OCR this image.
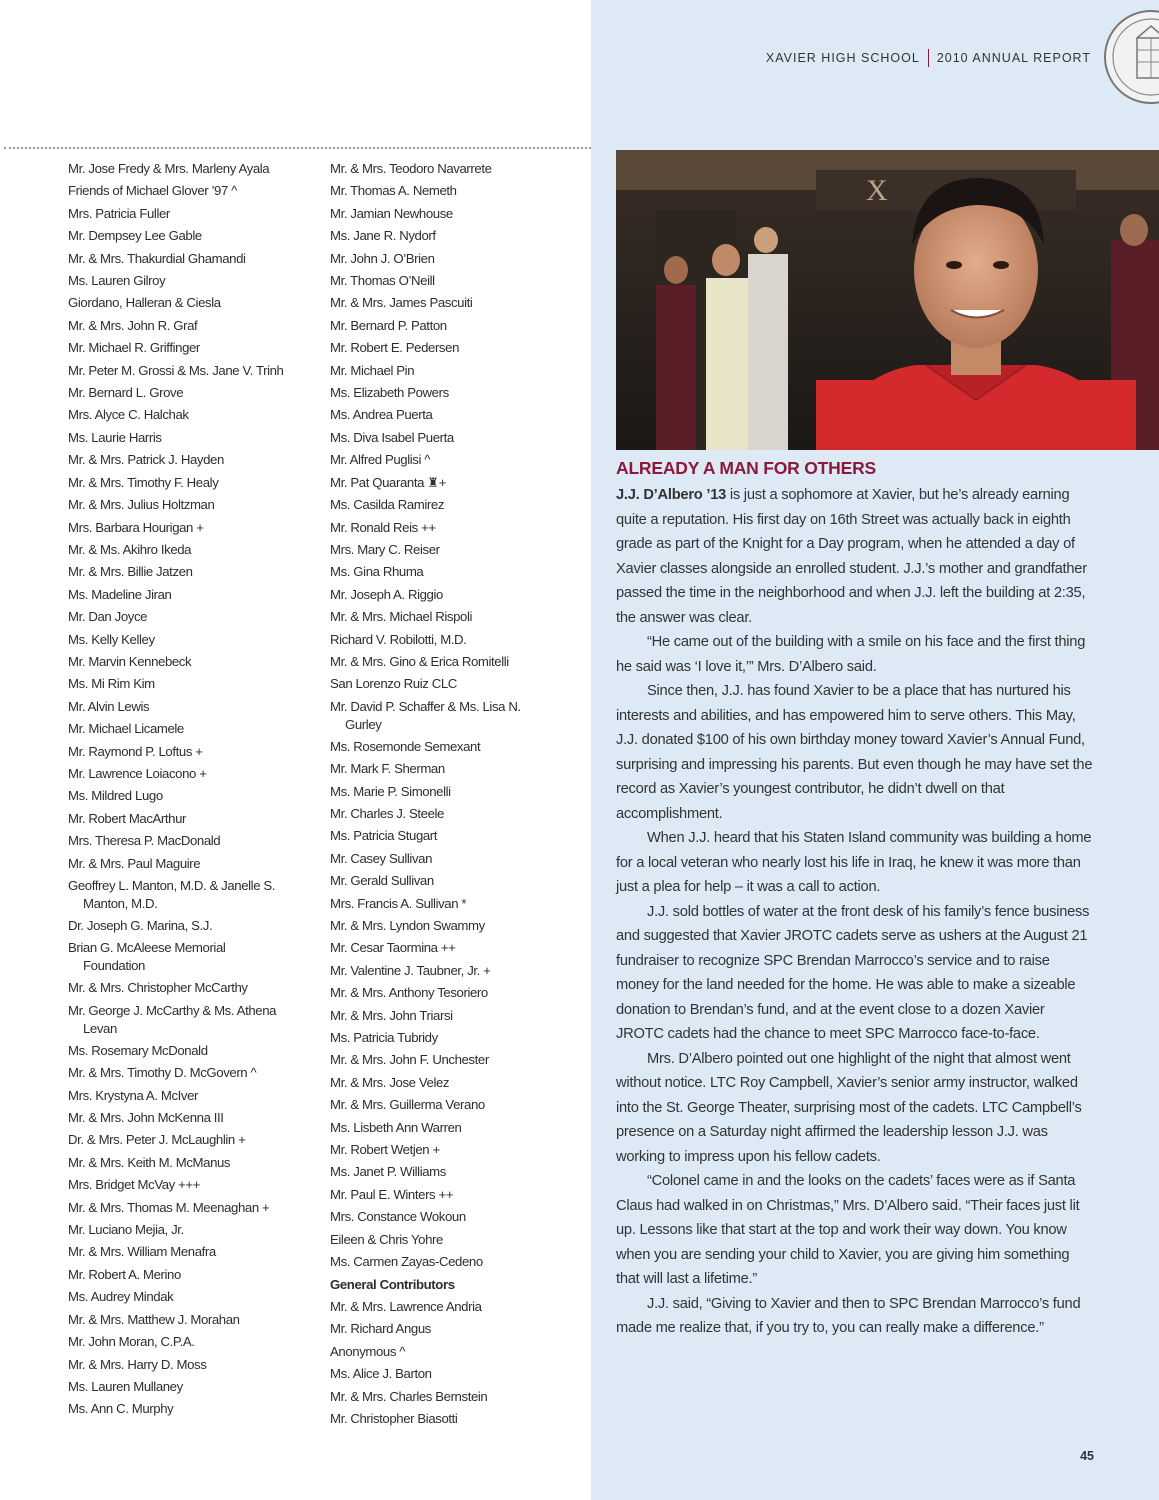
XAVIER HIGH SCHOOL 2010 ANNUAL REPORT
Mr. Jose Fredy & Mrs. Marleny Ayala
Friends of Michael Glover ’97 ^
Mrs. Patricia Fuller
Mr. Dempsey Lee Gable
Mr. & Mrs. Thakurdial Ghamandi
Ms. Lauren Gilroy
Giordano, Halleran & Ciesla
Mr. & Mrs. John R. Graf
Mr. Michael R. Griffinger
Mr. Peter M. Grossi & Ms. Jane V. Trinh
Mr. Bernard L. Grove
Mrs. Alyce C. Halchak
Ms. Laurie Harris
Mr. & Mrs. Patrick J. Hayden
Mr. & Mrs. Timothy F. Healy
Mr. & Mrs. Julius Holtzman
Mrs. Barbara Hourigan +
Mr. & Ms. Akihro Ikeda
Mr. & Mrs. Billie Jatzen
Ms. Madeline Jiran
Mr. Dan Joyce
Ms. Kelly Kelley
Mr. Marvin Kennebeck
Ms. Mi Rim Kim
Mr. Alvin Lewis
Mr. Michael Licamele
Mr. Raymond P. Loftus +
Mr. Lawrence Loiacono +
Ms. Mildred Lugo
Mr. Robert MacArthur
Mrs. Theresa P. MacDonald
Mr. & Mrs. Paul Maguire
Geoffrey L. Manton, M.D. & Janelle S.
Manton, M.D.
Dr. Joseph G. Marina, S.J.
Brian G. McAleese Memorial
Foundation
Mr. & Mrs. Christopher McCarthy
Mr. George J. McCarthy & Ms. Athena
Levan
Ms. Rosemary McDonald
Mr. & Mrs. Timothy D. McGovern ^
Mrs. Krystyna A. McIver
Mr. & Mrs. John McKenna III
Dr. & Mrs. Peter J. McLaughlin +
Mr. & Mrs. Keith M. McManus
Mrs. Bridget McVay +++
Mr. & Mrs. Thomas M. Meenaghan +
Mr. Luciano Mejia, Jr.
Mr. & Mrs. William Menafra
Mr. Robert A. Merino
Ms. Audrey Mindak
Mr. & Mrs. Matthew J. Morahan
Mr. John Moran, C.P.A.
Mr. & Mrs. Harry D. Moss
Ms. Lauren Mullaney
Ms. Ann C. Murphy
Mr. & Mrs. Teodoro Navarrete
Mr. Thomas A. Nemeth
Mr. Jamian Newhouse
Ms. Jane R. Nydorf
Mr. John J. O’Brien
Mr. Thomas O’Neill
Mr. & Mrs. James Pascuiti
Mr. Bernard P. Patton
Mr. Robert E. Pedersen
Mr. Michael Pin
Ms. Elizabeth Powers
Ms. Andrea Puerta
Ms. Diva Isabel Puerta
Mr. Alfred Puglisi ^
Mr. Pat Quaranta ♜+
Ms. Casilda Ramirez
Mr. Ronald Reis ++
Mrs. Mary C. Reiser
Ms. Gina Rhuma
Mr. Joseph A. Riggio
Mr. & Mrs. Michael Rispoli
Richard V. Robilotti, M.D.
Mr. & Mrs. Gino & Erica Romitelli
San Lorenzo Ruiz CLC
Mr. David P. Schaffer & Ms. Lisa N.
Gurley
Ms. Rosemonde Semexant
Mr. Mark F. Sherman
Ms. Marie P. Simonelli
Mr. Charles J. Steele
Ms. Patricia Stugart
Mr. Casey Sullivan
Mr. Gerald Sullivan
Mrs. Francis A. Sullivan *
Mr. & Mrs. Lyndon Swammy
Mr. Cesar Taormina ++
Mr. Valentine J. Taubner, Jr. +
Mr. & Mrs. Anthony Tesoriero
Mr. & Mrs. John Triarsi
Ms. Patricia Tubridy
Mr. & Mrs. John F. Unchester
Mr. & Mrs. Jose Velez
Mr. & Mrs. Guillerma Verano
Ms. Lisbeth Ann Warren
Mr. Robert Wetjen +
Ms. Janet P. Williams
Mr. Paul E. Winters ++
Mrs. Constance Wokoun
Eileen & Chris Yohre
Ms. Carmen Zayas-Cedeno
General Contributors
Mr. & Mrs. Lawrence Andria
Mr. Richard Angus
Anonymous ^
Ms. Alice J. Barton
Mr. & Mrs. Charles Bernstein
Mr. Christopher Biasotti
X
ALREADY A MAN FOR OTHERS

J.J. D’Albero ’13 is just a sophomore at Xavier, but he’s already earning quite a reputation. His first day on 16th Street was actually back in eighth grade as part of the Knight for a Day program, when he attended a day of Xavier classes alongside an enrolled student. J.J.’s mother and grandfather passed the time in the neighborhood and when J.J. left the building at 2:35, the answer was clear.

“He came out of the building with a smile on his face and the first thing he said was ‘I love it,’” Mrs. D’Albero said.

Since then, J.J. has found Xavier to be a place that has nurtured his interests and abilities, and has empowered him to serve others. This May, J.J. donated $100 of his own birthday money toward Xavier’s Annual Fund, surprising and impressing his parents. But even though he may have set the record as Xavier’s youngest contributor, he didn’t dwell on that accomplishment.

When J.J. heard that his Staten Island community was building a home for a local veteran who nearly lost his life in Iraq, he knew it was more than just a plea for help – it was a call to action.

J.J. sold bottles of water at the front desk of his family’s fence business and suggested that Xavier JROTC cadets serve as ushers at the August 21 fundraiser to recognize SPC Brendan Marrocco’s service and to raise money for the land needed for the home. He was able to make a sizeable donation to Brendan’s fund, and at the event close to a dozen Xavier JROTC cadets had the chance to meet SPC Marrocco face-to-face.

Mrs. D’Albero pointed out one highlight of the night that almost went without notice. LTC Roy Campbell, Xavier’s senior army instructor, walked into the St. George Theater, surprising most of the cadets. LTC Campbell’s presence on a Saturday night affirmed the leadership lesson J.J. was working to impress upon his fellow cadets.

“Colonel came in and the looks on the cadets’ faces were as if Santa Claus had walked in on Christmas,” Mrs. D’Albero said. “Their faces just lit up. Lessons like that start at the top and work their way down. You know when you are sending your child to Xavier, you are giving him something that will last a lifetime.”

J.J. said, “Giving to Xavier and then to SPC Brendan Marrocco’s fund made me realize that, if you try to, you can really make a difference.”

45
